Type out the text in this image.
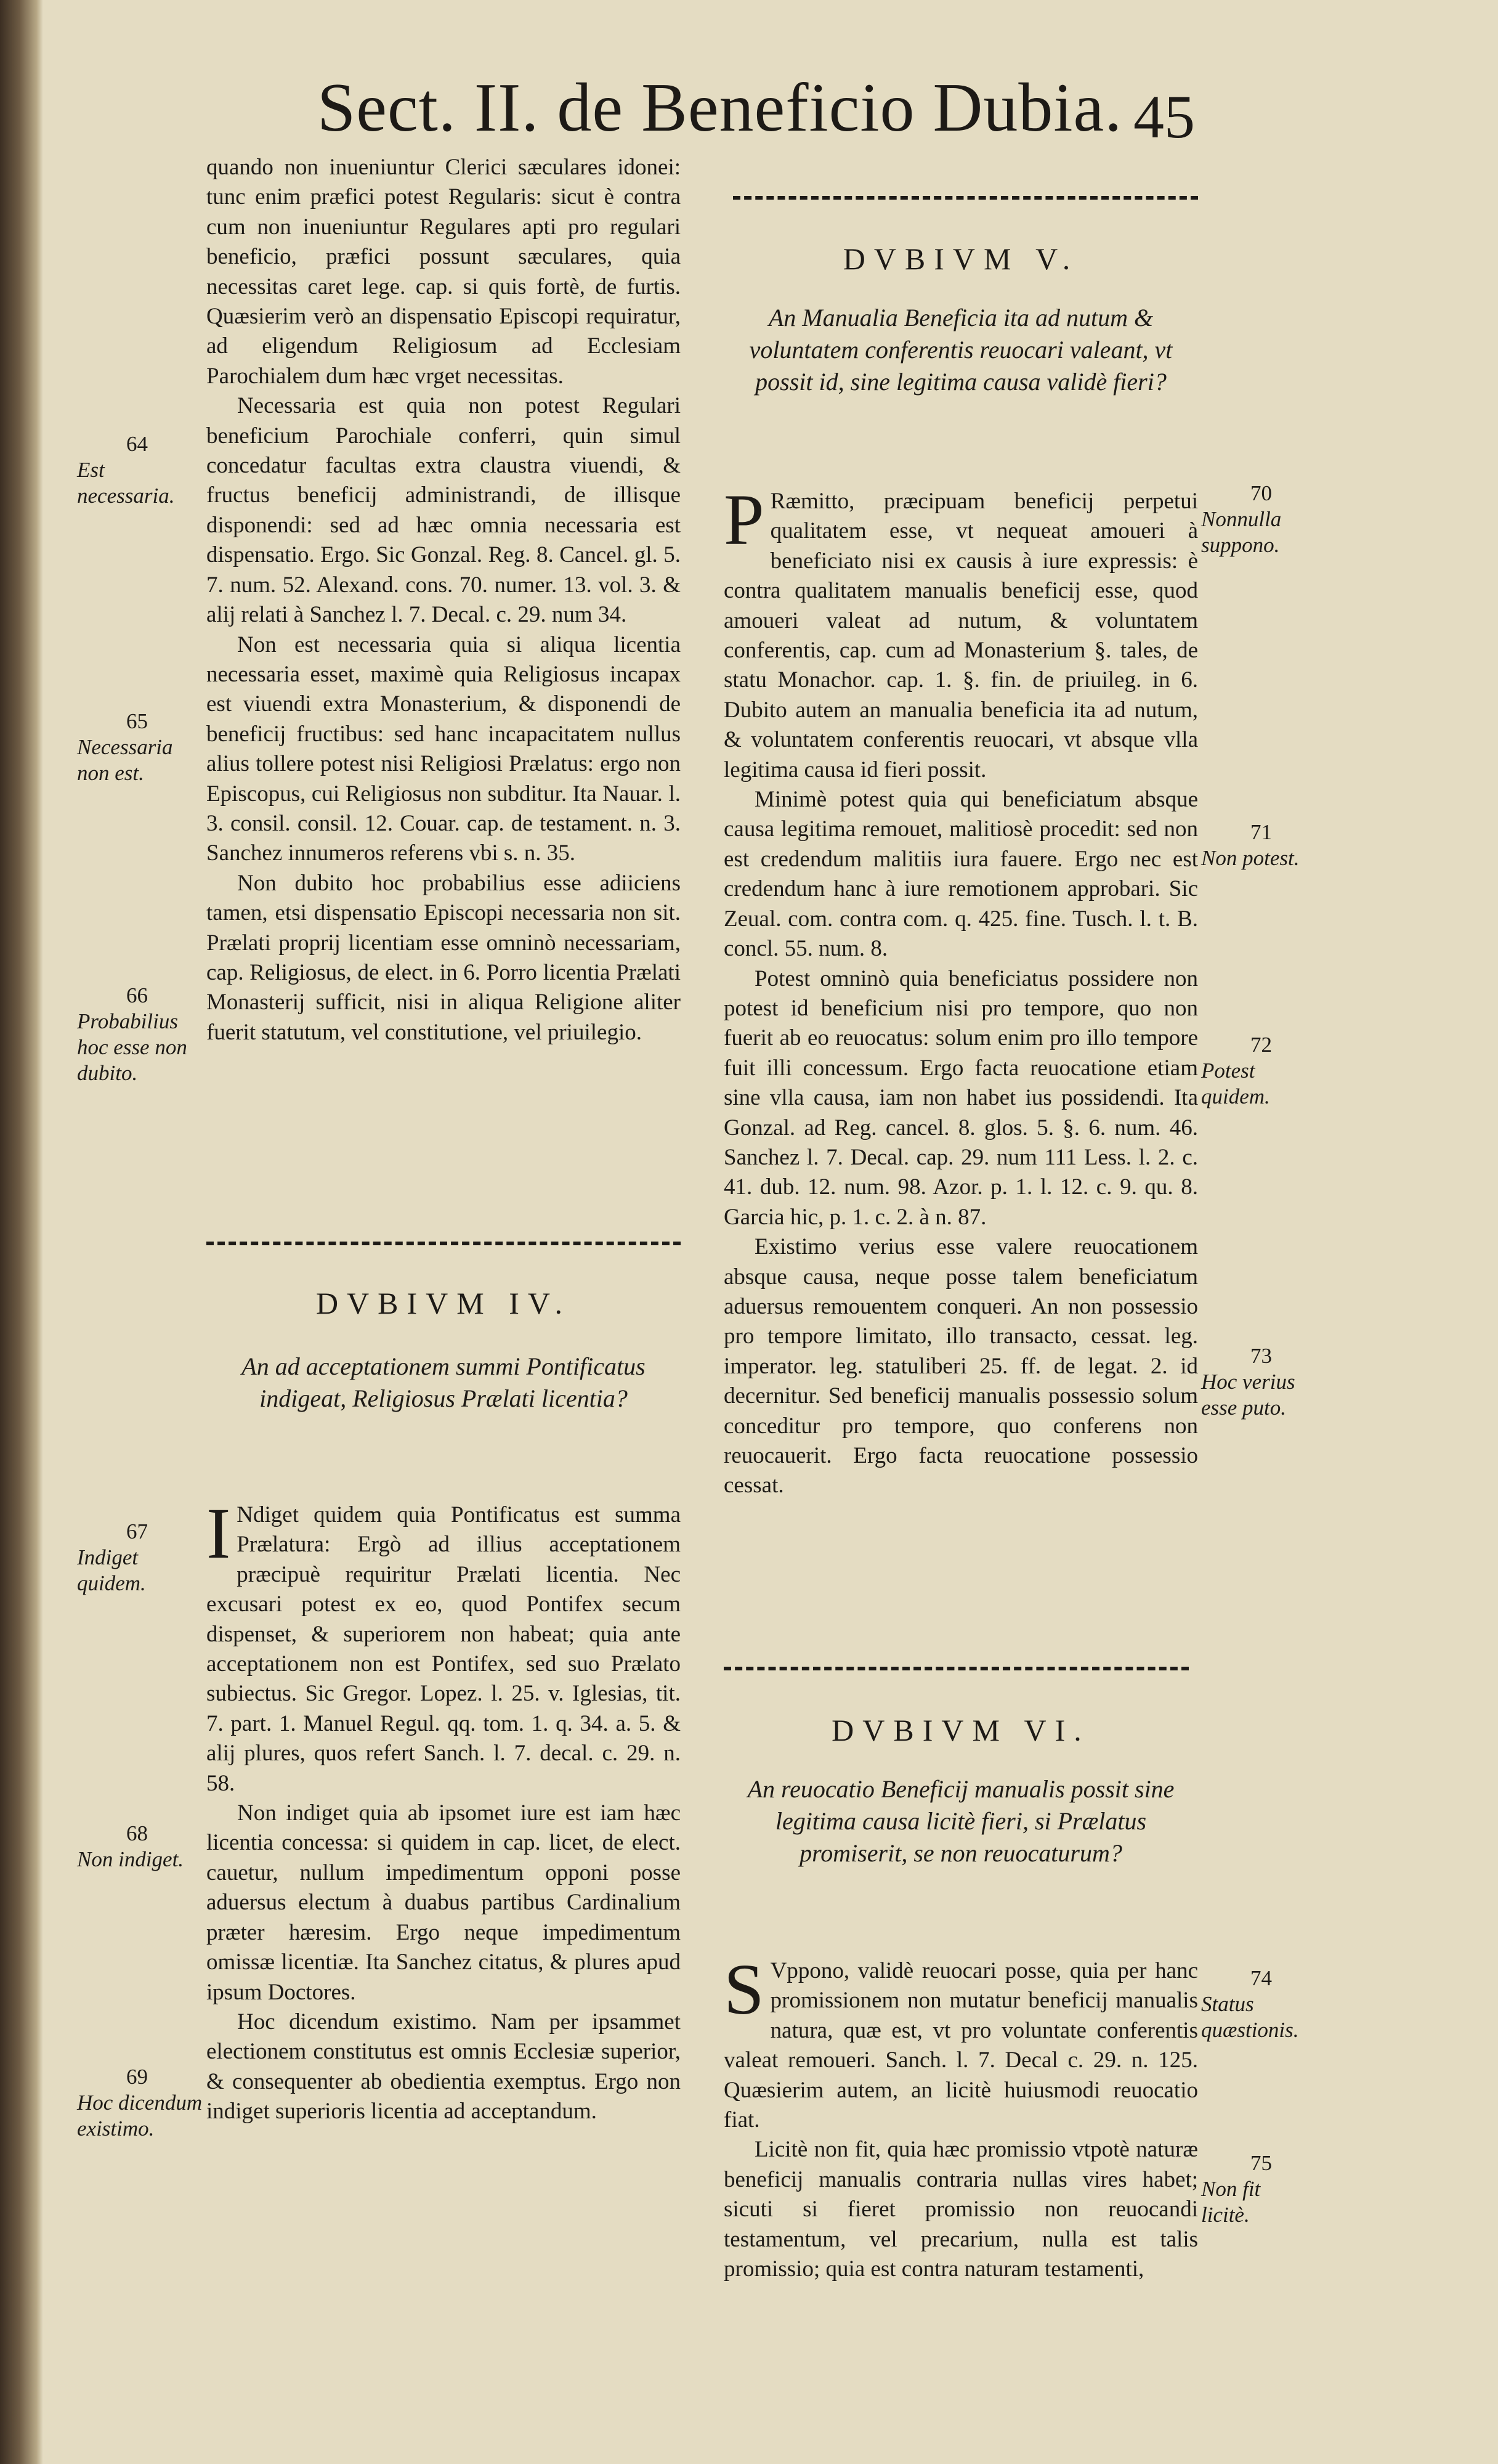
Sect. II. de Beneficio Dubia. 45

quando non inueniuntur Clerici sæculares idonei: tunc enim præfici potest Regularis: sicut è contra cum non inueniuntur Regulares apti pro regulari beneficio, præfici possunt sæculares, quia necessitas caret lege. cap. si quis fortè, de furtis. Quæsierim verò an dispensatio Episcopi requiratur, ad eligendum Religiosum ad Ecclesiam Parochialem dum hæc vrget necessitas.

Necessaria est quia non potest Regulari beneficium Parochiale conferri, quin simul concedatur facultas extra claustra viuendi, & fructus beneficij administrandi, de illisque disponendi: sed ad hæc omnia necessaria est dispensatio. Ergo. Sic Gonzal. Reg. 8. Cancel. gl. 5. 7. num. 52. Alexand. cons. 70. numer. 13. vol. 3. & alij relati à Sanchez l. 7. Decal. c. 29. num 34.

Non est necessaria quia si aliqua licentia necessaria esset, maximè quia Religiosus incapax est viuendi extra Monasterium, & disponendi de beneficij fructibus: sed hanc incapacitatem nullus alius tollere potest nisi Religiosi Prælatus: ergo non Episcopus, cui Religiosus non subditur. Ita Nauar. l. 3. consil. consil. 12. Couar. cap. de testament. n. 3. Sanchez innumeros referens vbi s. n. 35.

Non dubito hoc probabilius esse adiiciens tamen, etsi dispensatio Episcopi necessaria non sit. Prælati proprij licentiam esse omninò necessariam, cap. Religiosus, de elect. in 6. Porro licentia Prælati Monasterij sufficit, nisi in aliqua Religione aliter fuerit statutum, vel constitutione, vel priuilegio.

DVBIVM IV.
An ad acceptationem summi Pontificatus indigeat, Religiosus Prælati licentia?

I Ndiget quidem quia Pontificatus est summa Prælatura: Ergò ad illius acceptationem præcipuè requiritur Prælati licentia. Nec excusari potest ex eo, quod Pontifex secum dispenset, & superiorem non habeat; quia ante acceptationem non est Pontifex, sed suo Prælato subiectus. Sic Gregor. Lopez. l. 25. v. Iglesias, tit. 7. part. 1. Manuel Regul. qq. tom. 1. q. 34. a. 5. & alij plures, quos refert Sanch. l. 7. decal. c. 29. n. 58.

Non indiget quia ab ipsomet iure est iam hæc licentia concessa: si quidem in cap. licet, de elect. cauetur, nullum impedimentum opponi posse aduersus electum à duabus partibus Cardinalium præter hæresim. Ergo neque impedimentum omissæ licentiæ. Ita Sanchez citatus, & plures apud ipsum Doctores.

Hoc dicendum existimo. Nam per ipsammet electionem constitutus est omnis Ecclesiæ superior, & consequenter ab obedientia exemptus. Ergo non indiget superioris licentia ad acceptandum.

64
Est necessaria.
65
Necessaria non est.
66
Probabilius hoc esse non dubito.
67
Indiget quidem.
68
Non indiget.
69
Hoc dicendum existimo.
DVBIVM V.
An Manualia Beneficia ita ad nutum & voluntatem conferentis reuocari valeant, vt possit id, sine legitima causa validè fieri?

P Ræmitto, præcipuam beneficij perpetui qualitatem esse, vt nequeat amoueri à beneficiato nisi ex causis à iure expressis: è contra qualitatem manualis beneficij esse, quod amoueri valeat ad nutum, & voluntatem conferentis, cap. cum ad Monasterium §. tales, de statu Monachor. cap. 1. §. fin. de priuileg. in 6. Dubito autem an manualia beneficia ita ad nutum, & voluntatem conferentis reuocari, vt absque vlla legitima causa id fieri possit.

Minimè potest quia qui beneficiatum absque causa legitima remouet, malitiosè procedit: sed non est credendum malitiis iura fauere. Ergo nec est credendum hanc à iure remotionem approbari. Sic Zeual. com. contra com. q. 425. fine. Tusch. l. t. B. concl. 55. num. 8.

Potest omninò quia beneficiatus possidere non potest id beneficium nisi pro tempore, quo non fuerit ab eo reuocatus: solum enim pro illo tempore fuit illi concessum. Ergo facta reuocatione etiam sine vlla causa, iam non habet ius possidendi. Ita Gonzal. ad Reg. cancel. 8. glos. 5. §. 6. num. 46. Sanchez l. 7. Decal. cap. 29. num 111 Less. l. 2. c. 41. dub. 12. num. 98. Azor. p. 1. l. 12. c. 9. qu. 8. Garcia hic, p. 1. c. 2. à n. 87.

Existimo verius esse valere reuocationem absque causa, neque posse talem beneficiatum aduersus remouentem conqueri. An non possessio pro tempore limitato, illo transacto, cessat. leg. imperator. leg. statuliberi 25. ff. de legat. 2. id decernitur. Sed beneficij manualis possessio solum conceditur pro tempore, quo conferens non reuocauerit. Ergo facta reuocatione possessio cessat.

DVBIVM VI.
An reuocatio Beneficij manualis possit sine legitima causa licitè fieri, si Prælatus promiserit, se non reuocaturum?

S Vppono, validè reuocari posse, quia per hanc promissionem non mutatur beneficij manualis natura, quæ est, vt pro voluntate conferentis valeat remoueri. Sanch. l. 7. Decal c. 29. n. 125. Quæsierim autem, an licitè huiusmodi reuocatio fiat.

Licitè non fit, quia hæc promissio vtpotè naturæ beneficij manualis contraria nullas vires habet; sicuti si fieret promissio non reuocandi testamentum, vel precarium, nulla est talis promissio; quia est contra naturam testamenti,

70
Nonnulla suppono.
71
Non potest.
72
Potest quidem.
73
Hoc verius esse puto.
74
Status quæstionis.
75
Non fit licitè.
